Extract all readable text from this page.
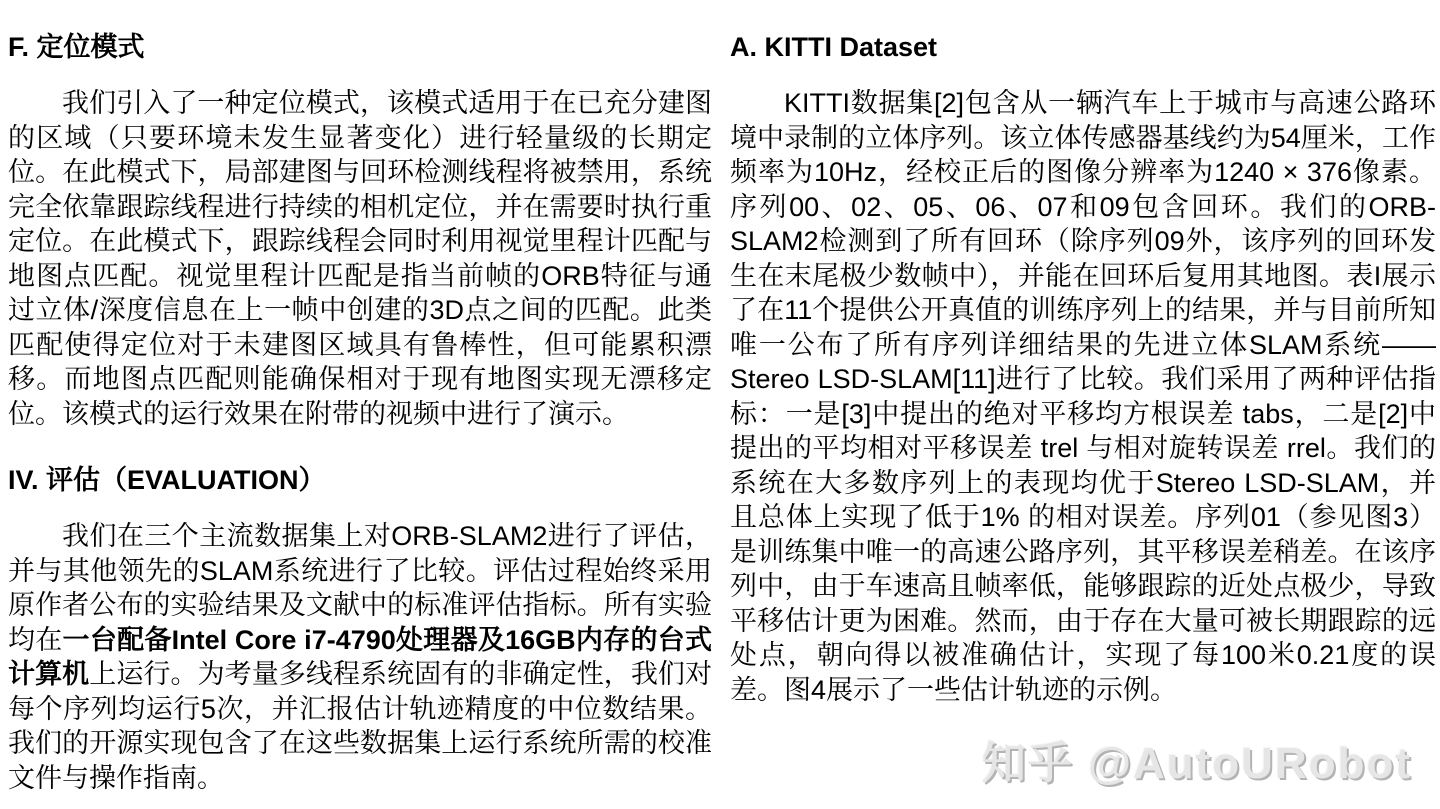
F. 定位模式

我们引入了一种定位模式，该模式适用于在已充分建图的区域（只要环境未发生显著变化）进行轻量级的长期定位。在此模式下，局部建图与回环检测线程将被禁用，系统完全依靠跟踪线程进行持续的相机定位，并在需要时执行重定位。在此模式下，跟踪线程会同时利用视觉里程计匹配与地图点匹配。视觉里程计匹配是指当前帧的ORB特征与通过立体/深度信息在上一帧中创建的3D点之间的匹配。此类匹配使得定位对于未建图区域具有鲁棒性，但可能累积漂移。而地图点匹配则能确保相对于现有地图实现无漂移定位。该模式的运行效果在附带的视频中进行了演示。

IV. 评估（EVALUATION）

我们在三个主流数据集上对ORB-SLAM2进行了评估，并与其他领先的SLAM系统进行了比较。评估过程始终采用原作者公布的实验结果及文献中的标准评估指标。所有实验均在一台配备Intel Core i7-4790处理器及16GB内存的台式计算机上运行。为考量多线程系统固有的非确定性，我们对每个序列均运行5次，并汇报估计轨迹精度的中位数结果。我们的开源实现包含了在这些数据集上运行系统所需的校准文件与操作指南。

A. KITTI Dataset

KITTI数据集[2]包含从一辆汽车上于城市与高速公路环境中录制的立体序列。该立体传感器基线约为54厘米，工作频率为10Hz，经校正后的图像分辨率为1240 × 376像素。序列00、02、05、06、07和09包含回环。我们的ORB-SLAM2检测到了所有回环（除序列09外，该序列的回环发生在末尾极少数帧中），并能在回环后复用其地图。表I展示了在11个提供公开真值的训练序列上的结果，并与目前所知唯一公布了所有序列详细结果的先进立体SLAM系统——Stereo LSD-SLAM[11]进行了比较。我们采用了两种评估指标：一是[3]中提出的绝对平移均方根误差 tabs，二是[2]中提出的平均相对平移误差 trel 与相对旋转误差 rrel。我们的系统在大多数序列上的表现均优于Stereo LSD-SLAM，并且总体上实现了低于1% 的相对误差。序列01（参见图3）是训练集中唯一的高速公路序列，其平移误差稍差。在该序列中，由于车速高且帧率低，能够跟踪的近处点极少，导致平移估计更为困难。然而，由于存在大量可被长期跟踪的远处点，朝向得以被准确估计，实现了每100米0.21度的误差。图4展示了一些估计轨迹的示例。

知乎 @AutoURobot
